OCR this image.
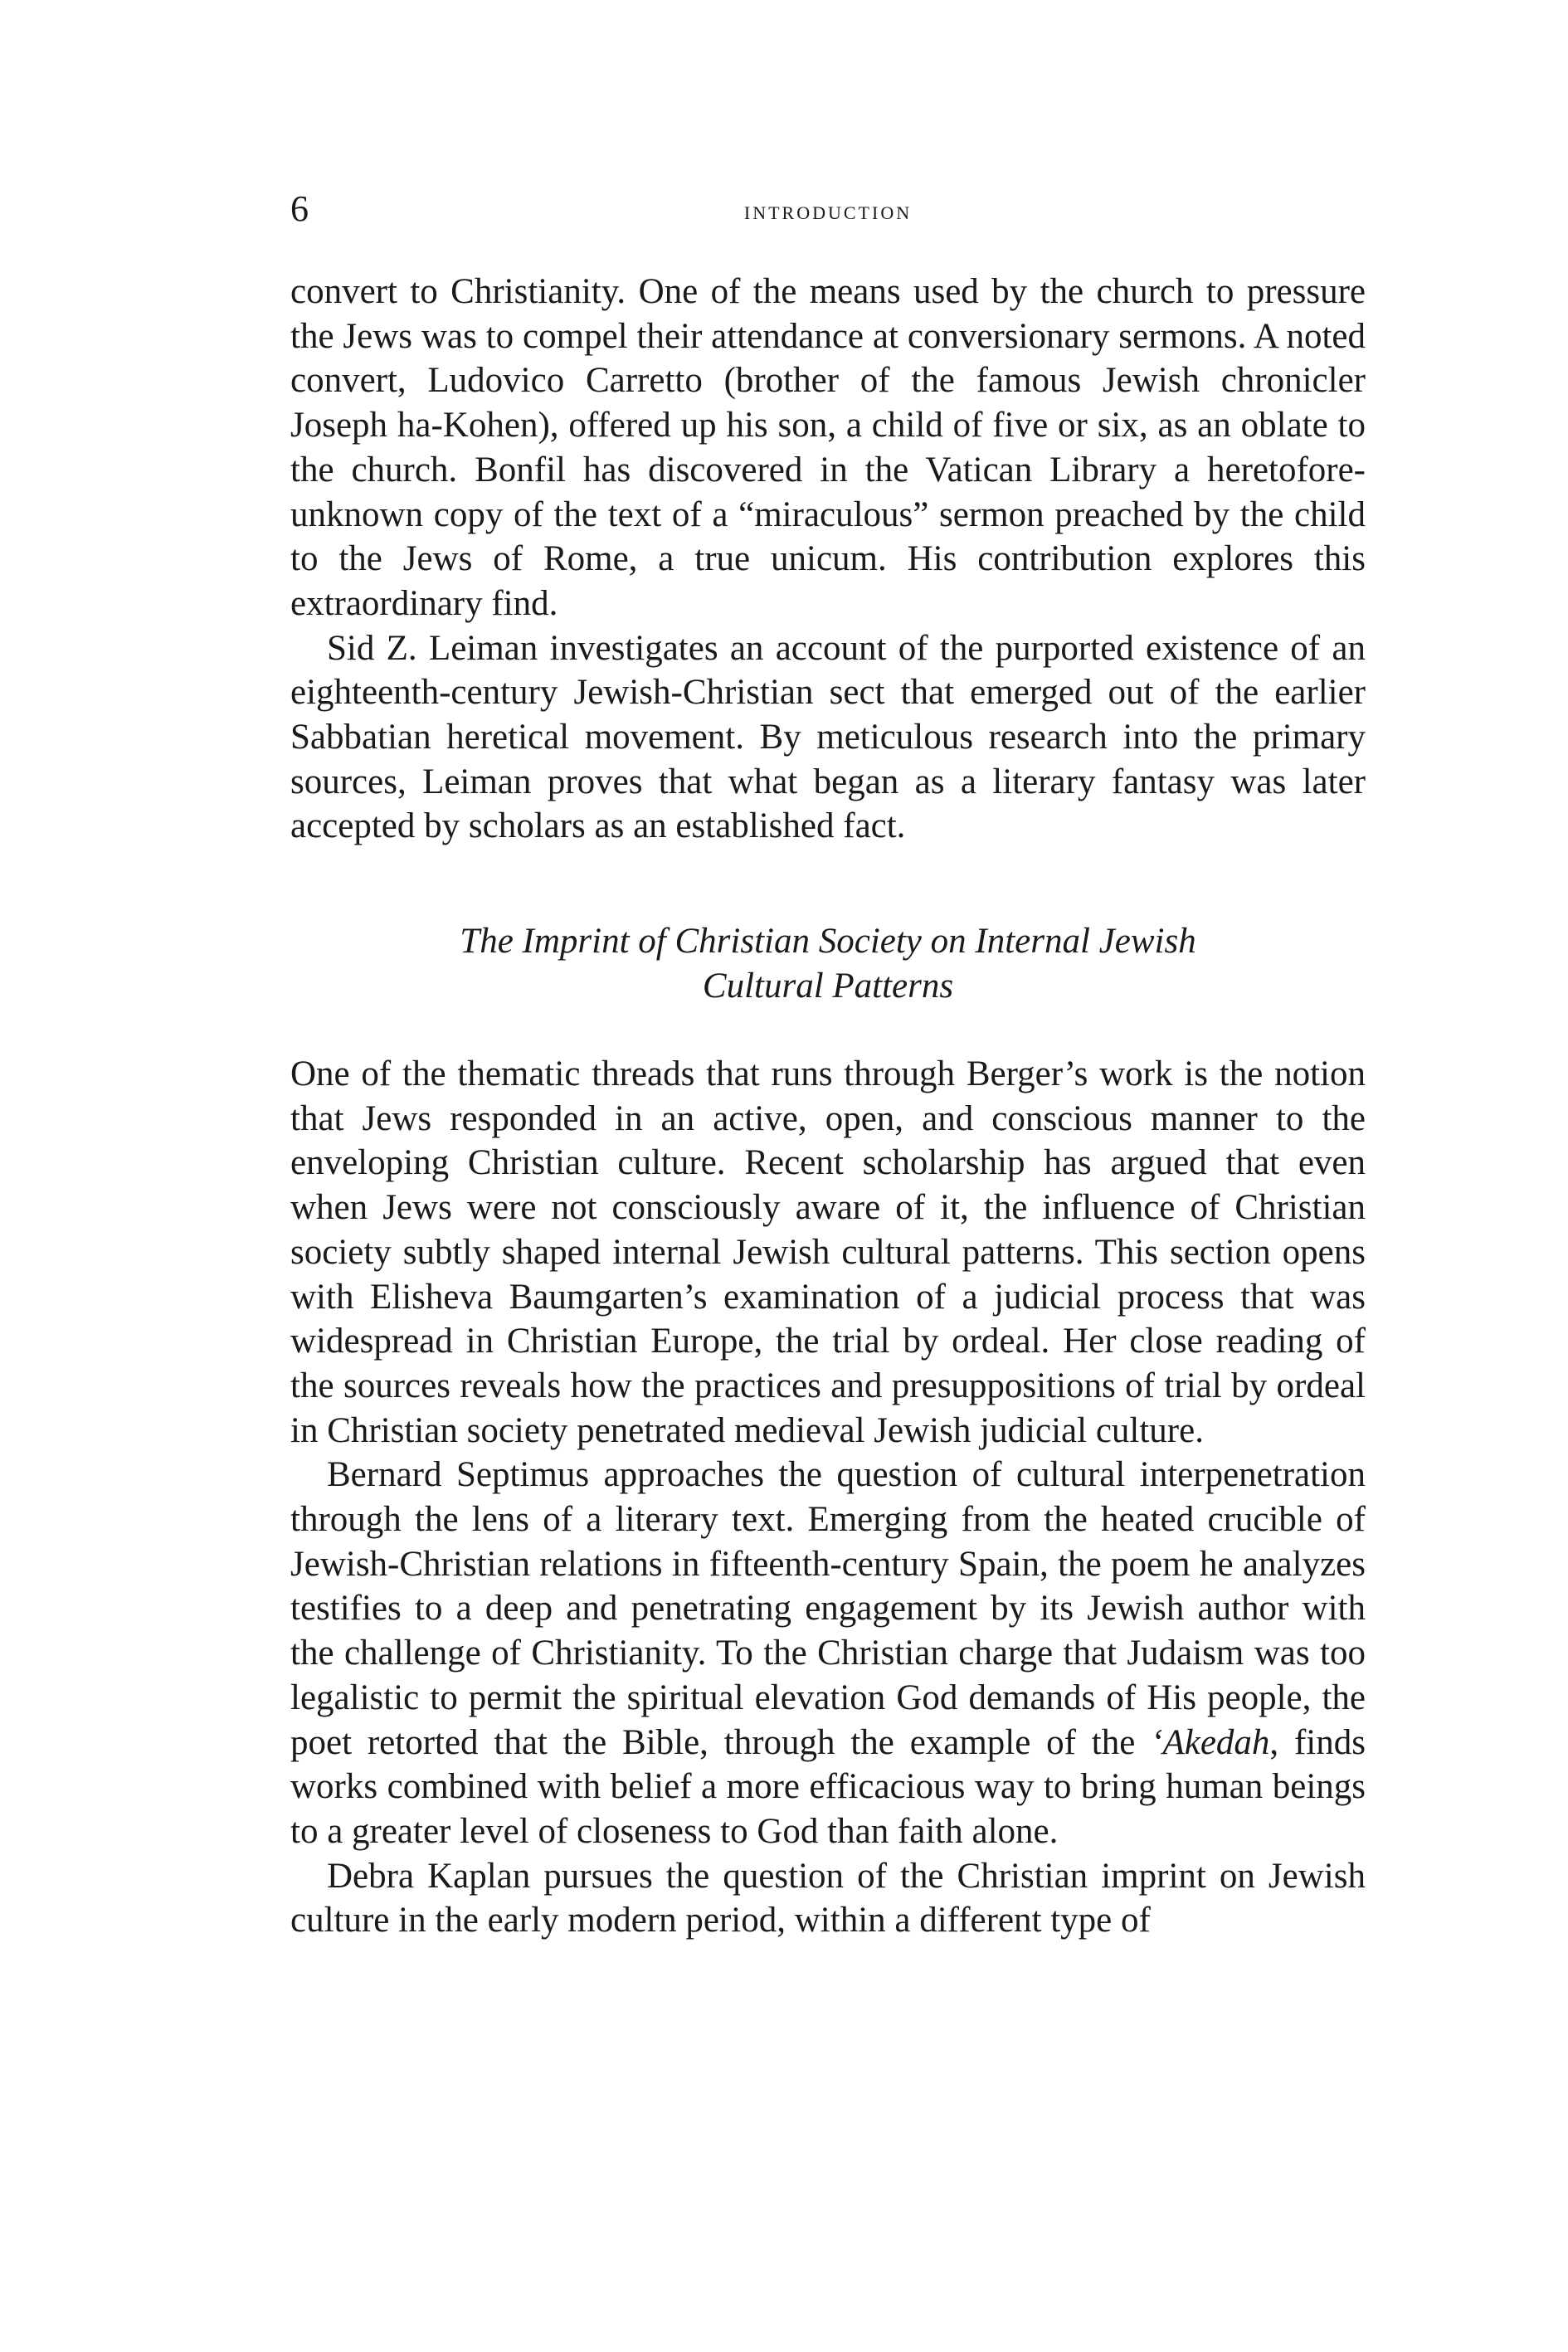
6	introduction

convert to Christianity. One of the means used by the church to pressure the Jews was to compel their attendance at conversionary sermons. A noted convert, Ludovico Carretto (brother of the famous Jewish chronicler Joseph ha-Kohen), offered up his son, a child of five or six, as an oblate to the church. Bonfil has discovered in the Vatican Library a heretofore-unknown copy of the text of a “miraculous” sermon preached by the child to the Jews of Rome, a true unicum. His contribution explores this extraordinary find.

Sid Z. Leiman investigates an account of the purported existence of an eighteenth-century Jewish-Christian sect that emerged out of the earlier Sabbatian heretical movement. By meticulous research into the primary sources, Leiman proves that what began as a literary fantasy was later accepted by scholars as an established fact.

The Imprint of Christian Society on Internal Jewish
Cultural Patterns

One of the thematic threads that runs through Berger’s work is the notion that Jews responded in an active, open, and conscious manner to the enveloping Christian culture. Recent scholarship has argued that even when Jews were not consciously aware of it, the influence of Christian society subtly shaped internal Jewish cultural patterns. This section opens with Elisheva Baumgarten’s examination of a judicial process that was widespread in Christian Europe, the trial by ordeal. Her close reading of the sources reveals how the practices and presuppositions of trial by ordeal in Christian society penetrated medieval Jewish judicial culture.

Bernard Septimus approaches the question of cultural interpenetration through the lens of a literary text. Emerging from the heated crucible of Jewish-Christian relations in fifteenth-century Spain, the poem he analyzes testifies to a deep and penetrating engagement by its Jewish author with the challenge of Christianity. To the Christian charge that Judaism was too legalistic to permit the spiritual elevation God demands of His people, the poet retorted that the Bible, through the example of the ‘Akedah, finds works combined with belief a more efficacious way to bring human beings to a greater level of closeness to God than faith alone.

Debra Kaplan pursues the question of the Christian imprint on Jewish culture in the early modern period, within a different type of
